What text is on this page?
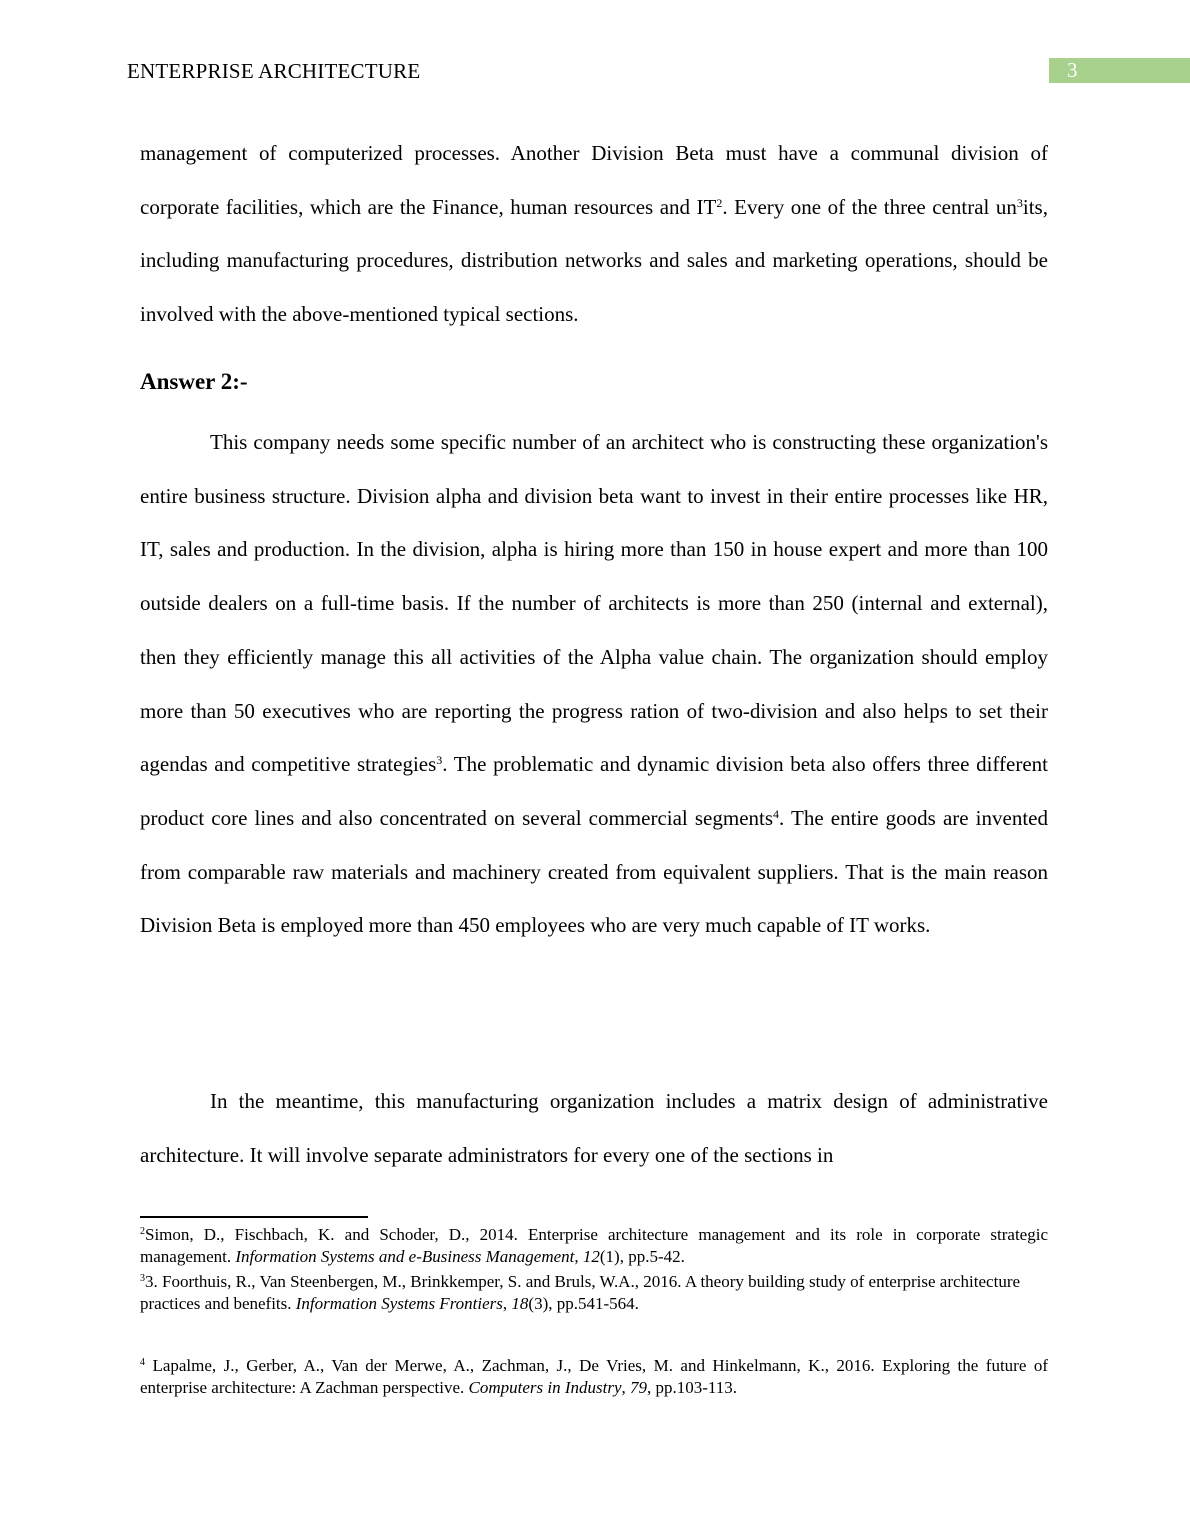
ENTERPRISE ARCHITECTURE	3
management of computerized processes. Another Division Beta must have a communal division of corporate facilities, which are the Finance, human resources and $IT^2$. Every one of the three central $un^3its$, including manufacturing procedures, distribution networks and sales and marketing operations, should be involved with the above-mentioned typical sections.
Answer 2:-
This company needs some specific number of an architect who is constructing these organization's entire business structure. Division alpha and division beta want to invest in their entire processes like HR, IT, sales and production. In the division, alpha is hiring more than 150 in house expert and more than 100 outside dealers on a full-time basis. If the number of architects is more than 250 (internal and external), then they efficiently manage this all activities of the Alpha value chain. The organization should employ more than 50 executives who are reporting the progress ration of two-division and also helps to set their agendas and competitive strategies$^3$. The problematic and dynamic division beta also offers three different product core lines and also concentrated on several commercial segments$^4$. The entire goods are invented from comparable raw materials and machinery created from equivalent suppliers. That is the main reason Division Beta is employed more than 450 employees who are very much capable of IT works.
In the meantime, this manufacturing organization includes a matrix design of administrative architecture. It will involve separate administrators for every one of the sections in
$^2$Simon, D., Fischbach, K. and Schoder, D., 2014. Enterprise architecture management and its role in corporate strategic management. Information Systems and e-Business Management, 12(1), pp.5-42.
$^3$3. Foorthuis, R., Van Steenbergen, M., Brinkkemper, S. and Bruls, W.A., 2016. A theory building study of enterprise architecture practices and benefits. Information Systems Frontiers, 18(3), pp.541-564.
$^4$ Lapalme, J., Gerber, A., Van der Merwe, A., Zachman, J., De Vries, M. and Hinkelmann, K., 2016. Exploring the future of enterprise architecture: A Zachman perspective. Computers in Industry, 79, pp.103-113.
